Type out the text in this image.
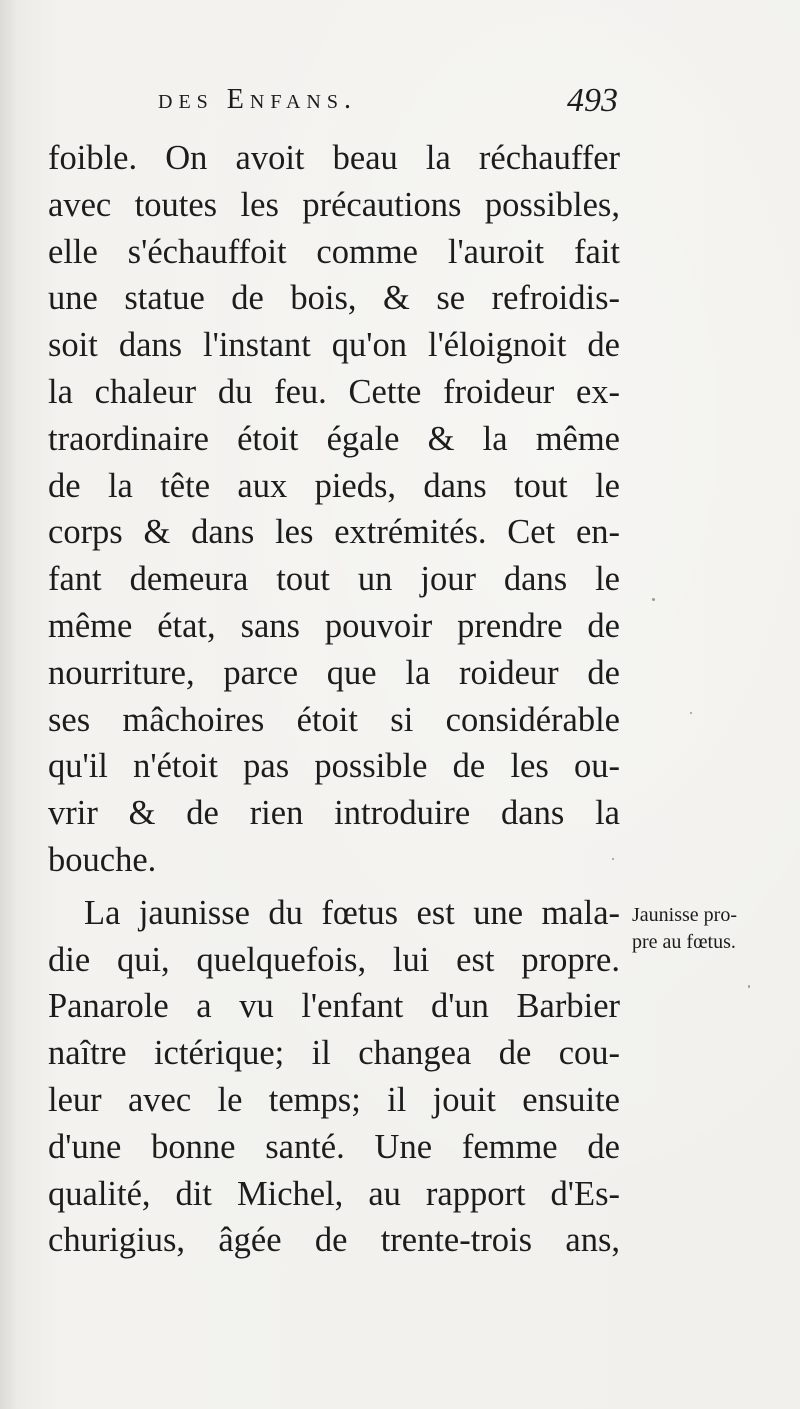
des Enfans.	493
foible. On avoit beau la réchauffer
avec toutes les précautions possibles,
elle s'échauffoit comme l'auroit fait
une statue de bois, & se refroidis-
soit dans l'instant qu'on l'éloignoit de
la chaleur du feu. Cette froideur ex-
traordinaire étoit égale & la même
de la tête aux pieds, dans tout le
corps & dans les extrémités. Cet en-
fant demeura tout un jour dans le
même état, sans pouvoir prendre de
nourriture, parce que la roideur de
ses mâchoires étoit si considérable
qu'il n'étoit pas possible de les ou-
vrir & de rien introduire dans la
bouche.
La jaunisse du fœtus est une mala-
die qui, quelquefois, lui est propre.
Panarole a vu l'enfant d'un Barbier
naître ictérique; il changea de cou-
leur avec le temps; il jouit ensuite
d'une bonne santé. Une femme de
qualité, dit Michel, au rapport d'Es-
churigius, âgée de trente-trois ans,
Jaunisse pro-
pre au fœtus.
